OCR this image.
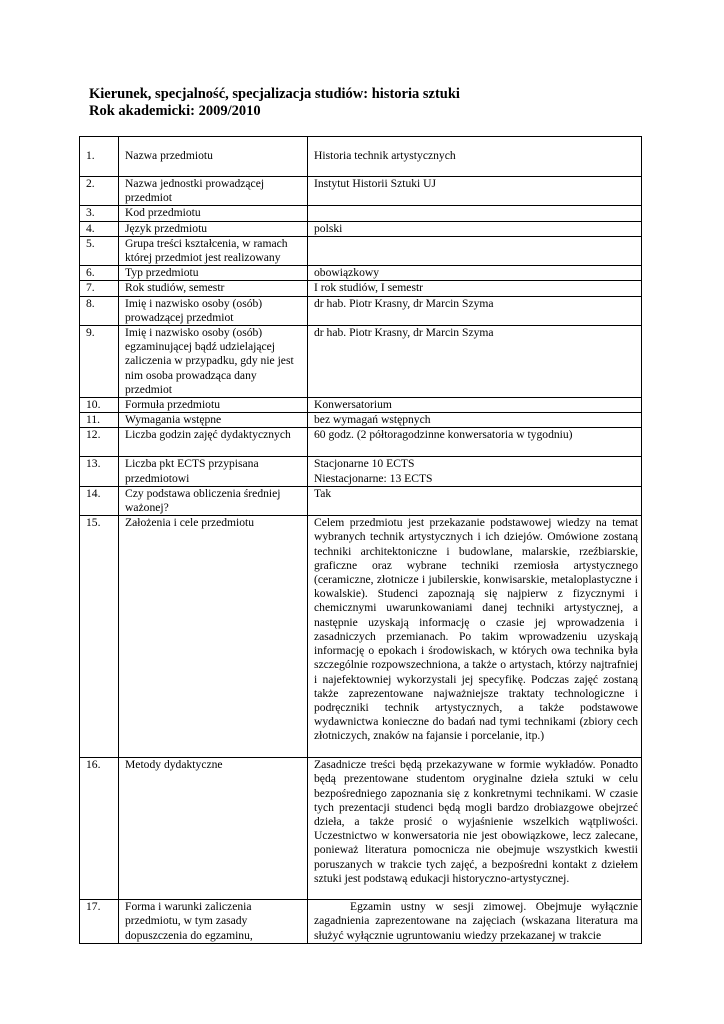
Kierunek, specjalność, specjalizacja studiów: historia sztuki
Rok akademicki: 2009/2010
1.	Nazwa przedmiotu	Historia technik artystycznych
2.	Nazwa jednostki prowadzącej przedmiot	Instytut Historii Sztuki UJ
3.	Kod przedmiotu	
4.	Język przedmiotu	polski
5.	Grupa treści kształcenia, w ramach której przedmiot jest realizowany	
6.	Typ przedmiotu	obowiązkowy
7.	Rok studiów, semestr	I rok studiów, I semestr
8.	Imię i nazwisko osoby (osób) prowadzącej przedmiot	dr hab. Piotr Krasny, dr Marcin Szyma
9.	Imię i nazwisko osoby (osób) egzaminującej bądź udzielającej zaliczenia w przypadku, gdy nie jest nim osoba prowadząca dany przedmiot	dr hab. Piotr Krasny, dr Marcin Szyma
10.	Formuła przedmiotu	Konwersatorium
11.	Wymagania wstępne	bez wymagań wstępnych
12.	Liczba godzin zajęć dydaktycznych	60 godz. (2 półtoragodzinne konwersatoria w tygodniu)
13.	Liczba pkt ECTS przypisana przedmiotowi	Stacjonarne 10 ECTS
Niestacjonarne: 13 ECTS

14.	Czy podstawa obliczenia średniej ważonej?	Tak
15.	Założenia i cele przedmiotu	Celem przedmiotu jest przekazanie podstawowej wiedzy na temat wybranych technik artystycznych i ich dziejów. Omówione zostaną techniki architektoniczne i budowlane, malarskie, rzeźbiarskie, graficzne oraz wybrane techniki rzemiosła artystycznego (ceramiczne, złotnicze i jubilerskie, konwisarskie, metaloplastyczne i kowalskie). Studenci zapoznają się najpierw z fizycznymi i chemicznymi uwarunkowaniami danej techniki artystycznej, a następnie uzyskają informację o czasie jej wprowadzenia i zasadniczych przemianach. Po takim wprowadzeniu uzyskają informację o epokach i środowiskach, w których owa technika była szczególnie rozpowszechniona, a także o artystach, którzy najtrafniej i najefektowniej wykorzystali jej specyfikę. Podczas zajęć zostaną także zaprezentowane najważniejsze traktaty technologiczne i podręczniki technik artystycznych, a także podstawowe wydawnictwa konieczne do badań nad tymi technikami (zbiory cech złotniczych, znaków na fajansie i porcelanie, itp.)
16.	Metody dydaktyczne	Zasadnicze treści będą przekazywane w formie wykładów. Ponadto będą prezentowane studentom oryginalne dzieła sztuki w celu bezpośredniego zapoznania się z konkretnymi technikami. W czasie tych prezentacji studenci będą mogli bardzo drobiazgowe obejrzeć dzieła, a także prosić o wyjaśnienie wszelkich wątpliwości. Uczestnictwo w konwersatoria nie jest obowiązkowe, lecz zalecane, ponieważ literatura pomocnicza nie obejmuje wszystkich kwestii poruszanych w trakcie tych zajęć, a bezpośredni kontakt z dziełem sztuki jest podstawą edukacji historyczno-artystycznej.
17.	Forma i warunki zaliczenia przedmiotu, w tym zasady dopuszczenia do egzaminu,	Egzamin ustny w sesji zimowej. Obejmuje wyłącznie zagadnienia zaprezentowane na zajęciach (wskazana literatura ma służyć wyłącznie ugruntowaniu wiedzy przekazanej w trakcie
